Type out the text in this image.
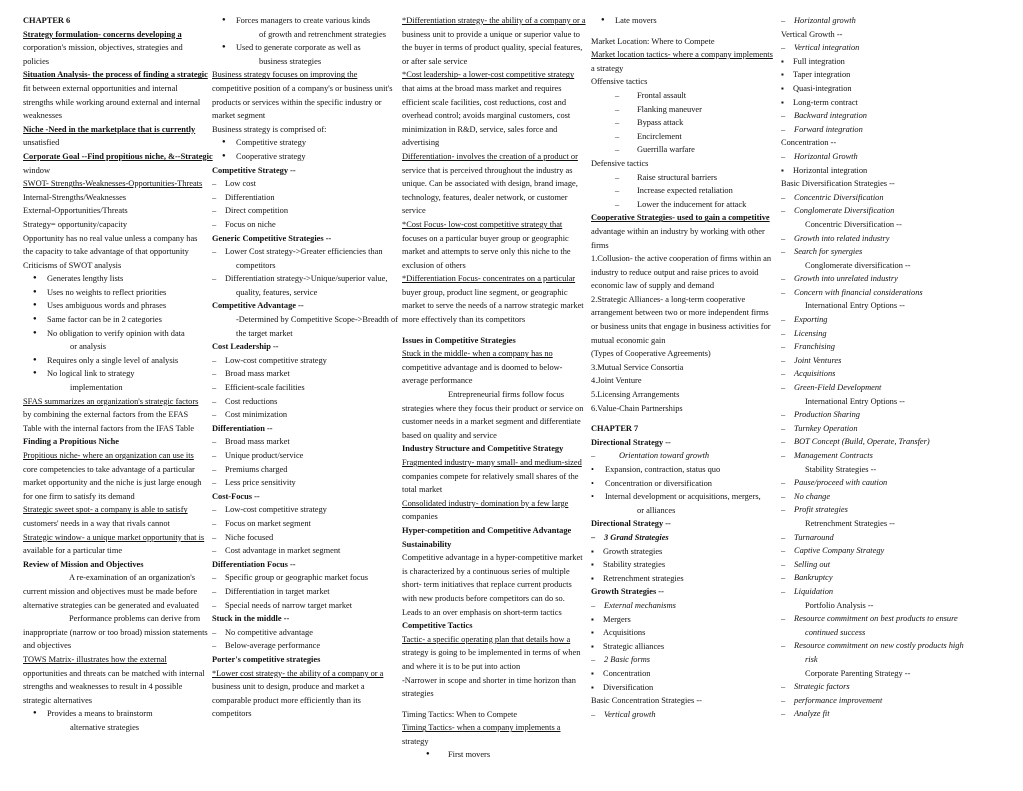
CHAPTER 6
Strategy formulation- concerns developing a
corporation's mission, objectives, strategies and
policies
Situation Analysis- the process of finding a strategic
fit between external opportunities and internal
strengths while working around external and internal
weaknesses
Niche -Need in the marketplace that is currently
unsatisfied
Corporate Goal --Find propitious niche, &--Strategic
window
SWOT- Strengths-Weaknesses-Opportunities-Threats
Internal-Strengths/Weaknesses
External-Opportunities/Threats
Strategy= opportunity/capacity
Opportunity has no real value unless a company has
the capacity to take advantage of that opportunity
Criticisms of SWOT analysis
● Generates lengthy lists
● Uses no weights to reflect priorities
● Uses ambiguous words and phrases
● Same factor can be in 2 categories
● No obligation to verify opinion with data
or analysis
● Requires only a single level of analysis
● No logical link to strategy
implementation
SFAS summarizes an organization's strategic factors
by combining the external factors from the EFAS
Table with the internal factors from the IFAS Table
Finding a Propitious Niche
Propitious niche- where an organization can use its
core competencies to take advantage of a particular
market opportunity and the niche is just large enough
for one firm to satisfy its demand
Strategic sweet spot- a company is able to satisfy
customers' needs in a way that rivals cannot
Strategic window- a unique market opportunity that is
available for a particular time
Review of Mission and Objectives
A re-examination of an organization's
current mission and objectives must be made before
alternative strategies can be generated and evaluated
Performance problems can derive from
inappropriate (narrow or too broad) mission statements
and objectives
TOWS Matrix- illustrates how the external
opportunities and threats can be matched with internal
strengths and weaknesses to result in 4 possible
strategic alternatives
● Provides a means to brainstorm
alternative strategies
● Forces managers to create various kinds
of growth and retrenchment strategies
● Used to generate corporate as well as
business strategies
Business strategy focuses on improving the
competitive position of a company's or business unit's
products or services within the specific industry or
market segment
Business strategy is comprised of:
● Competitive strategy
● Cooperative strategy
Competitive Strategy --
– Low cost
– Differentiation
– Direct competition
– Focus on niche
Generic Competitive Strategies --
– Lower Cost strategy->Greater efficiencies than
competitors
– Differentiation strategy->Unique/superior value,
quality, features, service
Competitive Advantage --
-Determined by Competitive Scope->Breadth of
the target market
Cost Leadership --
– Low-cost competitive strategy
– Broad mass market
– Efficient-scale facilities
– Cost reductions
– Cost minimization
Differentiation --
– Broad mass market
– Unique product/service
– Premiums charged
– Less price sensitivity
Cost-Focus --
– Low-cost competitive strategy
– Focus on market segment
– Niche focused
– Cost advantage in market segment
Differentiation Focus --
– Specific group or geographic market focus
– Differentiation in target market
– Special needs of narrow target market
Stuck in the middle --
– No competitive advantage
– Below-average performance
Porter's competitive strategies
*Lower cost strategy- the ability of a company or a
business unit to design, produce and market a
comparable product more efficiently than its
competitors
*Differentiation strategy- the ability of a company or a
business unit to provide a unique or superior value to
the buyer in terms of product quality, special features,
or after sale service
*Cost leadership- a lower-cost competitive strategy
that aims at the broad mass market and requires
efficient scale facilities, cost reductions, cost and
overhead control; avoids marginal customers, cost
minimization in R&D, service, sales force and
advertising
Differentiation- involves the creation of a product or
service that is perceived throughout the industry as
unique. Can be associated with design, brand image,
technology, features, dealer network, or customer
service
*Cost Focus- low-cost competitive strategy that
focuses on a particular buyer group or geographic
market and attempts to serve only this niche to the
exclusion of others
*Differentiation Focus- concentrates on a particular
buyer group, product line segment, or geographic
market to serve the needs of a narrow strategic market
more effectively than its competitors
Issues in Competitive Strategies
Stuck in the middle- when a company has no
competitive advantage and is doomed to below-
average performance
Entrepreneurial firms follow focus
strategies where they focus their product or service on
customer needs in a market segment and differentiate
based on quality and service
Industry Structure and Competitive Strategy
Fragmented industry- many small- and medium-sized
companies compete for relatively small shares of the
total market
Consolidated industry- domination by a few large
companies
Hyper-competition and Competitive Advantage
Sustainability
Competitive advantage in a hyper-competitive market
is characterized by a continuous series of multiple
short- term initiatives that replace current products
with new products before competitors can do so.
Leads to an over emphasis on short-term tactics
Competitive Tactics
Tactic- a specific operating plan that details how a
strategy is going to be implemented in terms of when
and where it is to be put into action
-Narrower in scope and shorter in time horizon than
strategies
Timing Tactics: When to Compete
Timing Tactics- when a company implements a
strategy
● First movers
● Late movers
Market Location: Where to Compete
Market location tactics- where a company implements
a strategy
Offensive tactics
– Frontal assault
– Flanking maneuver
– Bypass attack
– Encirclement
– Guerrilla warfare
Defensive tactics
– Raise structural barriers
– Increase expected retaliation
– Lower the inducement for attack
Cooperative Strategies- used to gain a competitive
advantage within an industry by working with other
firms
1.Collusion- the active cooperation of firms within an
industry to reduce output and raise prices to avoid
economic law of supply and demand
2.Strategic Alliances- a long-term cooperative
arrangement between two or more independent firms
or business units that engage in business activities for
mutual economic gain
(Types of Cooperative Agreements)
3.Mutual Service Consortia
4.Joint Venture
5.Licensing Arrangements
6.Value-Chain Partnerships
CHAPTER 7
Directional Strategy --
– Orientation toward growth
• Expansion, contraction, status quo
• Concentration or diversification
• Internal development or acquisitions, mergers,
or alliances
Directional Strategy --
– 3 Grand Strategies
▪ Growth strategies
▪ Stability strategies
▪ Retrenchment strategies
Growth Strategies --
– External mechanisms
▪ Mergers
▪ Acquisitions
▪ Strategic alliances
– 2 Basic forms
▪ Concentration
▪ Diversification
Basic Concentration Strategies --
– Vertical growth
– Horizontal growth
Vertical Growth --
– Vertical integration
▪ Full integration
▪ Taper integration
▪ Quasi-integration
▪ Long-term contract
– Backward integration
– Forward integration
Concentration --
– Horizontal Growth
▪ Horizontal integration
Basic Diversification Strategies --
– Concentric Diversification
– Conglomerate Diversification
Concentric Diversification --
– Growth into related industry
– Search for synergies
Conglomerate diversification --
– Growth into unrelated industry
– Concern with financial considerations
International Entry Options --
– Exporting
– Licensing
– Franchising
– Joint Ventures
– Acquisitions
– Green-Field Development
International Entry Options --
– Production Sharing
– Turnkey Operation
– BOT Concept (Build, Operate, Transfer)
– Management Contracts
Stability Strategies --
– Pause/proceed with caution
– No change
– Profit strategies
Retrenchment Strategies --
– Turnaround
– Captive Company Strategy
– Selling out
– Bankruptcy
– Liquidation
Portfolio Analysis --
– Resource commitment on best products to ensure
continued success
– Resource commitment on new costly products high
risk
Corporate Parenting Strategy --
– Strategic factors
– performance improvement
– Analyze fit
